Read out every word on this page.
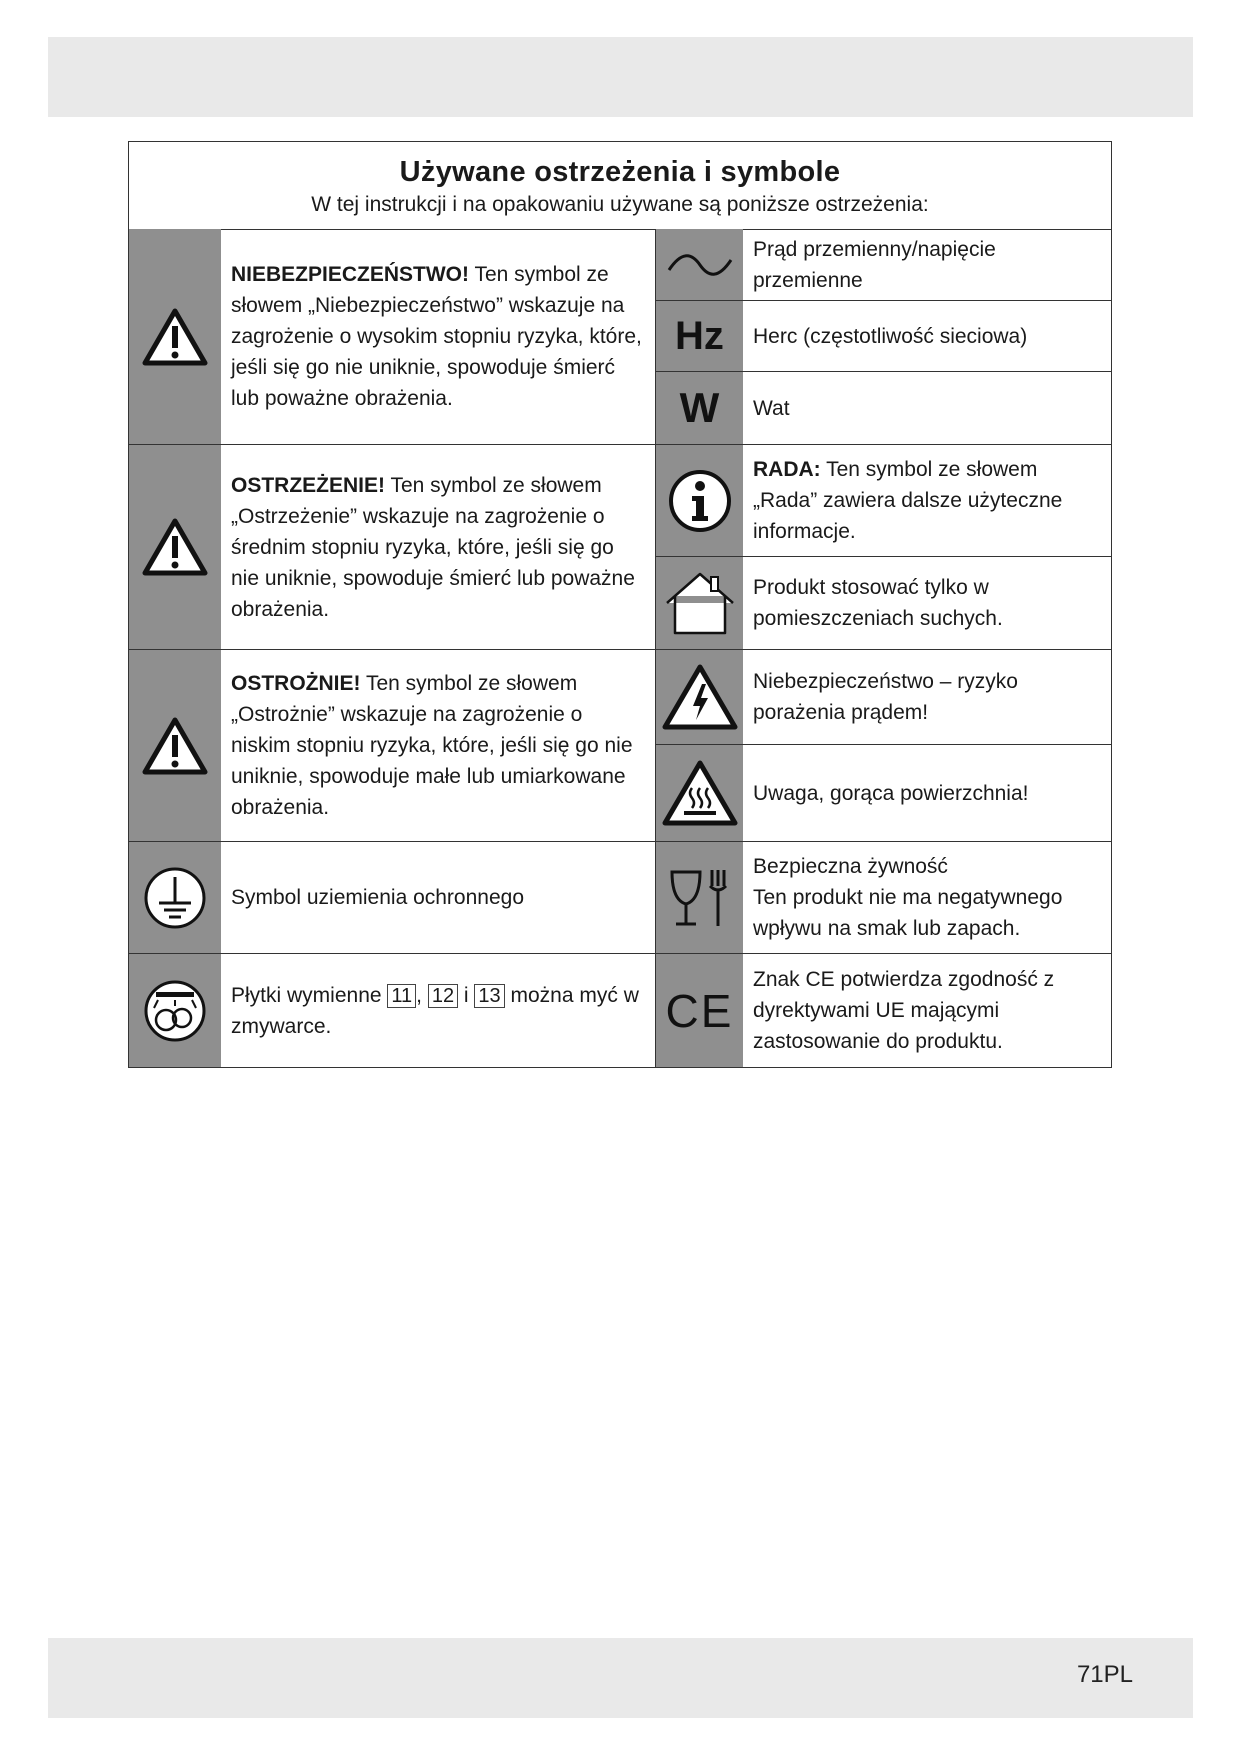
71PL
Używane ostrzeżenia i symbole
W tej instrukcji i na opakowaniu używane są poniższe ostrzeżenia:
NIEBEZPIECZEŃSTWO! Ten symbol ze słowem „Niebezpieczeństwo” wskazuje na zagrożenie o wysokim stopniu ryzyka, które, jeśli się go nie uniknie, spowoduje śmierć lub poważne obrażenia.
OSTRZEŻENIE! Ten symbol ze słowem „Ostrzeżenie” wskazuje na zagrożenie o średnim stopniu ryzyka, które, jeśli się go nie uniknie, spowoduje śmierć lub poważne obrażenia.
OSTROŻNIE! Ten symbol ze słowem „Ostrożnie” wskazuje na zagrożenie o niskim stopniu ryzyka, które, jeśli się go nie uniknie, spowoduje małe lub umiarkowane obrażenia.
Symbol uziemienia ochronnego
Płytki wymienne 11 , 12 i 13 można myć w zmywarce.
Prąd przemienny/napięcie przemienne
Hz	Herc (częstotliwość sieciowa)
W	Wat
RADA: Ten symbol ze słowem „Rada” zawiera dalsze użyteczne informacje.
Produkt stosować tylko w pomieszczeniach suchych.
Niebezpieczeństwo – ryzyko porażenia prądem!
Uwaga, gorąca powierzchnia!
Bezpieczna żywność
Ten produkt nie ma negatywnego wpływu na smak lub zapach.
CE
Znak CE potwierdza zgodność z dyrektywami UE mającymi zastosowanie do produktu.
